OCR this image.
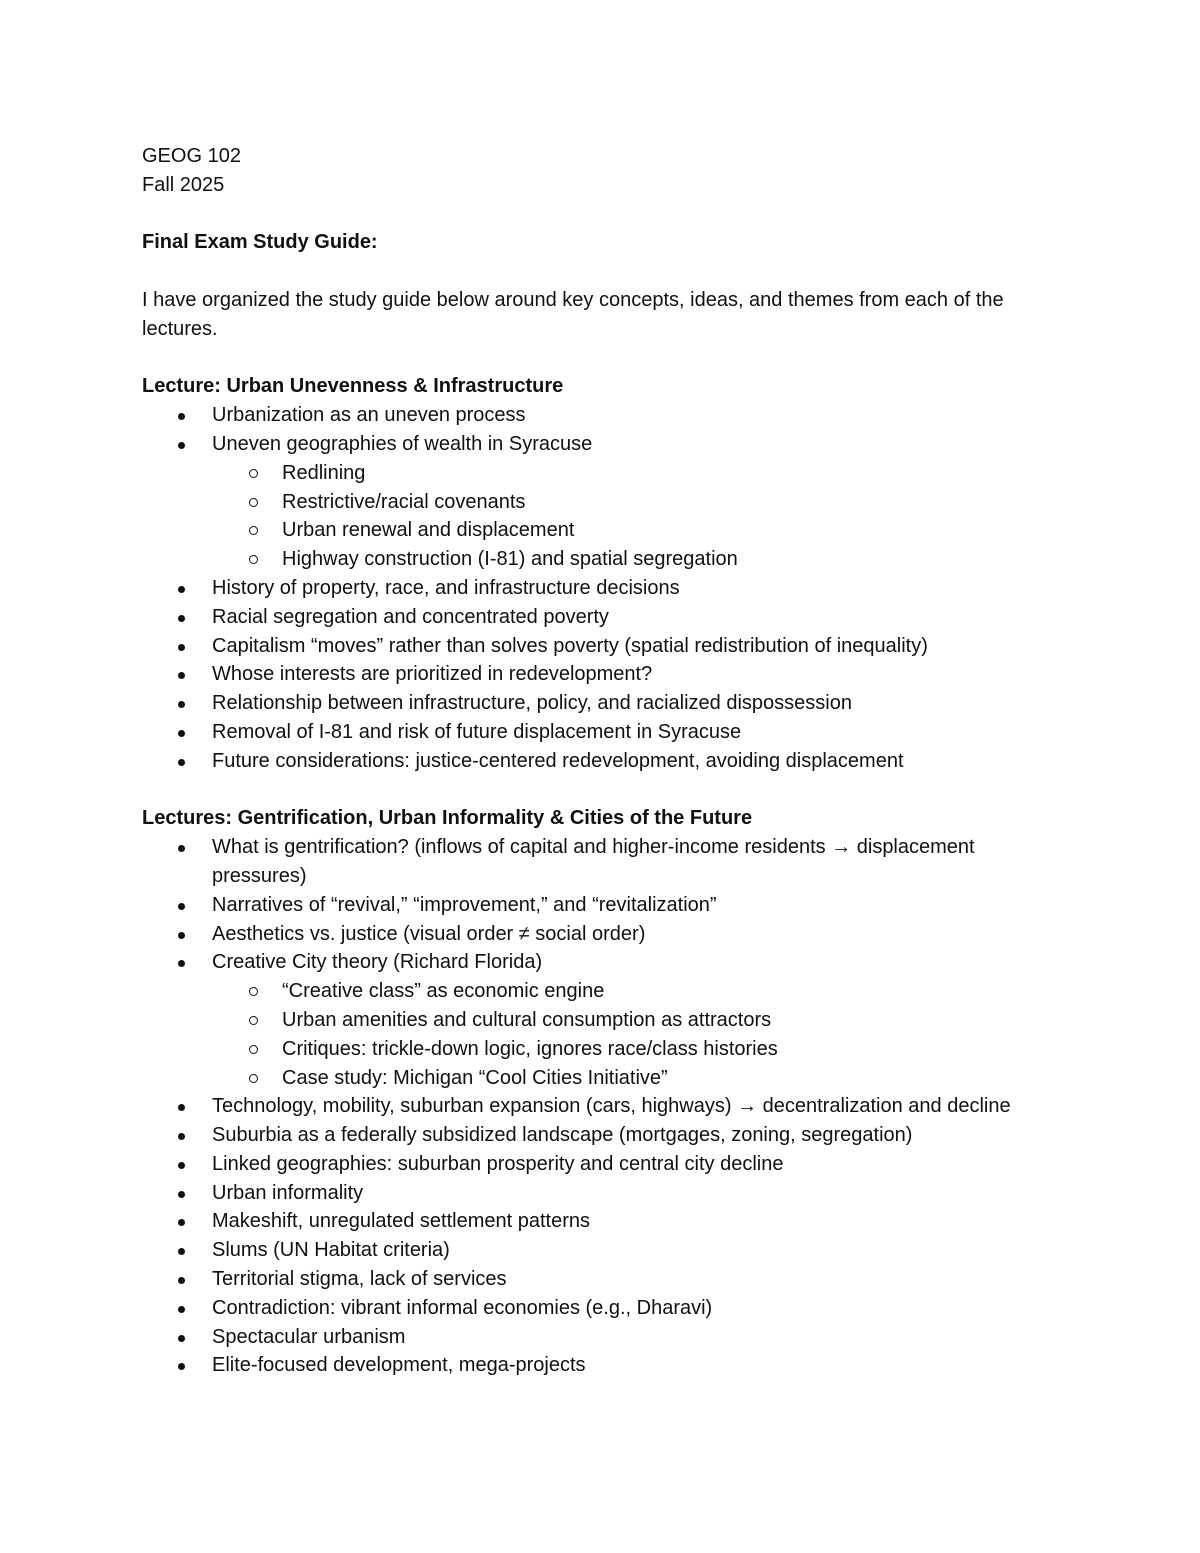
GEOG 102

Fall 2025

Final Exam Study Guide:

I have organized the study guide below around key concepts, ideas, and themes from each of the lectures.

Lecture: Urban Unevenness & Infrastructure

Urbanization as an uneven process
Uneven geographies of wealth in Syracuse
Redlining
Restrictive/racial covenants
Urban renewal and displacement
Highway construction (I-81) and spatial segregation
History of property, race, and infrastructure decisions
Racial segregation and concentrated poverty
Capitalism “moves” rather than solves poverty (spatial redistribution of inequality)
Whose interests are prioritized in redevelopment?
Relationship between infrastructure, policy, and racialized dispossession
Removal of I-81 and risk of future displacement in Syracuse
Future considerations: justice-centered redevelopment, avoiding displacement

Lectures: Gentrification, Urban Informality & Cities of the Future

What is gentrification? (inflows of capital and higher-income residents → displacement pressures)
Narratives of “revival,” “improvement,” and “revitalization”
Aesthetics vs. justice (visual order ≠ social order)
Creative City theory (Richard Florida)
“Creative class” as economic engine
Urban amenities and cultural consumption as attractors
Critiques: trickle-down logic, ignores race/class histories
Case study: Michigan “Cool Cities Initiative”
Technology, mobility, suburban expansion (cars, highways) → decentralization and decline
Suburbia as a federally subsidized landscape (mortgages, zoning, segregation)
Linked geographies: suburban prosperity and central city decline
Urban informality
Makeshift, unregulated settlement patterns
Slums (UN Habitat criteria)
Territorial stigma, lack of services
Contradiction: vibrant informal economies (e.g., Dharavi)
Spectacular urbanism
Elite-focused development, mega-projects
